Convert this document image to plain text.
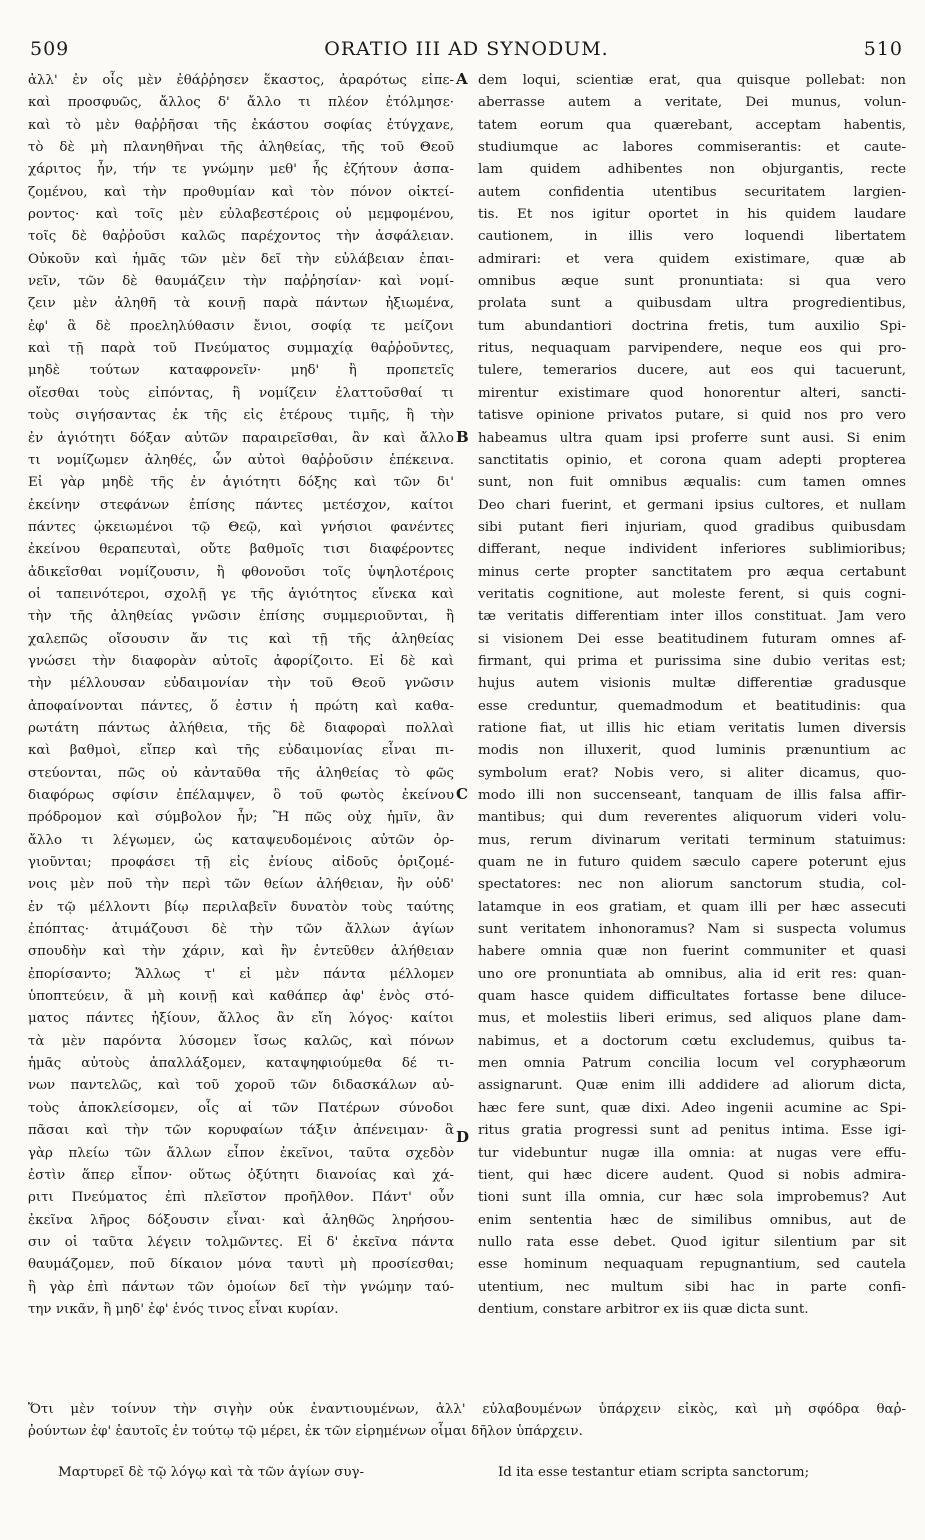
509	ORATIO III AD SYNODUM.	510
ἀλλ' ἐν οἷς μὲν ἐθάῤῥησεν ἕκαστος, ἀραρότως εἰπε-
καὶ προσφυῶς, ἄλλος δ' ἄλλο τι πλέον ἐτόλμησε·
καὶ τὸ μὲν θαῤῥῆσαι τῆς ἑκάστου σοφίας ἐτύγχανε,
τὸ δὲ μὴ πλανηθῆναι τῆς ἀληθείας, τῆς τοῦ Θεοῦ
χάριτος ἦν, τήν τε γνώμην μεθ' ἧς ἐζήτουν ἀσπα-
ζομένου, καὶ τὴν προθυμίαν καὶ τὸν πόνον οἰκτεί-
ροντος· καὶ τοῖς μὲν εὐλαβεστέροις οὐ μεμφομένου,
τοῖς δὲ θαῤῥοῦσι καλῶς παρέχοντος τὴν ἀσφάλειαν.
Οὐκοῦν καὶ ἡμᾶς τῶν μὲν δεῖ τὴν εὐλάβειαν ἐπαι-
νεῖν, τῶν δὲ θαυμάζειν τὴν παῤῥησίαν· καὶ νομί-
ζειν μὲν ἀληθῆ τὰ κοινῇ παρὰ πάντων ἠξιωμένα,
ἐφ' ἃ δὲ προεληλύθασιν ἔνιοι, σοφίᾳ τε μείζονι
καὶ τῇ παρὰ τοῦ Πνεύματος συμμαχίᾳ θαῤῥοῦντες,
μηδὲ τούτων καταφρονεῖν· μηδ' ἢ προπετεῖς
οἴεσθαι τοὺς εἰπόντας, ἢ νομίζειν ἐλαττοῦσθαί τι
τοὺς σιγήσαντας ἐκ τῆς εἰς ἑτέρους τιμῆς, ἢ τὴν
ἐν ἁγιότητι δόξαν αὐτῶν παραιρεῖσθαι, ἂν καὶ ἄλλο
τι νομίζωμεν ἀληθές, ὧν αὐτοὶ θαῤῥοῦσιν ἐπέκεινα.
Εἰ γὰρ μηδὲ τῆς ἐν ἁγιότητι δόξης καὶ τῶν δι'
ἐκείνην στεφάνων ἐπίσης πάντες μετέσχον, καίτοι
πάντες ᾠκειωμένοι τῷ Θεῷ, καὶ γνήσιοι φανέντες
ἐκείνου θεραπευταὶ, οὔτε βαθμοῖς τισι διαφέροντες
ἀδικεῖσθαι νομίζουσιν, ἢ φθονοῦσι τοῖς ὑψηλοτέροις
οἱ ταπεινότεροι, σχολῇ γε τῆς ἁγιότητος εἵνεκα καὶ
τὴν τῆς ἀληθείας γνῶσιν ἐπίσης συμμεριοῦνται, ἢ
χαλεπῶς οἴσουσιν ἄν τις καὶ τῇ τῆς ἀληθείας
γνώσει τὴν διαφορὰν αὐτοῖς ἀφορίζοιτο. Εἰ δὲ καὶ
τὴν μέλλουσαν εὐδαιμονίαν τὴν τοῦ Θεοῦ γνῶσιν
ἀποφαίνονται πάντες, ὅ ἐστιν ἡ πρώτη καὶ καθα-
ρωτάτη πάντως ἀλήθεια, τῆς δὲ διαφοραὶ πολλαὶ
καὶ βαθμοὶ, εἴπερ καὶ τῆς εὐδαιμονίας εἶναι πι-
στεύονται, πῶς οὐ κἀνταῦθα τῆς ἀληθείας τὸ φῶς
διαφόρως σφίσιν ἐπέλαμψεν, ὃ τοῦ φωτὸς ἐκείνου
πρόδρομον καὶ σύμβολον ἦν; Ἢ πῶς οὐχ ἡμῖν, ἂν
ἄλλο τι λέγωμεν, ὡς καταψευδομένοις αὐτῶν ὀρ-
γιοῦνται; προφάσει τῇ εἰς ἐνίους αἰδοῦς ὁριζομέ-
νοις μὲν ποῦ τὴν περὶ τῶν θείων ἀλήθειαν, ἣν οὐδ'
ἐν τῷ μέλλοντι βίῳ περιλαβεῖν δυνατὸν τοὺς ταύτης
ἐπόπτας· ἀτιμάζουσι δὲ τὴν τῶν ἄλλων ἁγίων
σπουδὴν καὶ τὴν χάριν, καὶ ἣν ἐντεῦθεν ἀλήθειαν
ἐπορίσαντο; Ἄλλως τ' εἰ μὲν πάντα μέλλομεν
ὑποπτεύειν, ἃ μὴ κοινῇ καὶ καθάπερ ἀφ' ἑνὸς στό-
ματος πάντες ἠξίουν, ἄλλος ἂν εἴη λόγος· καίτοι
τὰ μὲν παρόντα λύσομεν ἴσως καλῶς, καὶ πόνων
ἡμᾶς αὐτοὺς ἀπαλλάξομεν, καταψηφιούμεθα δέ τι-
νων παντελῶς, καὶ τοῦ χοροῦ τῶν διδασκάλων αὐ-
τοὺς ἀποκλείσομεν, οἷς αἱ τῶν Πατέρων σύνοδοι
πᾶσαι καὶ τὴν τῶν κορυφαίων τάξιν ἀπένειμαν· ἃ
γὰρ πλείω τῶν ἄλλων εἶπον ἐκεῖνοι, ταῦτα σχεδὸν
ἐστὶν ἅπερ εἶπον· οὕτως ὀξύτητι διανοίας καὶ χά-
ριτι Πνεύματος ἐπὶ πλεῖστον προῆλθον. Πάντ' οὖν
ἐκεῖνα λῆρος δόξουσιν εἶναι· καὶ ἀληθῶς ληρήσου-
σιν οἱ ταῦτα λέγειν τολμῶντες. Εἰ δ' ἐκεῖνα πάντα
θαυμάζομεν, ποῦ δίκαιον μόνα ταυτὶ μὴ προσίεσθαι;
ἢ γὰρ ἐπὶ πάντων τῶν ὁμοίων δεῖ τὴν γνώμην ταύ-
την νικᾶν, ἢ μηδ' ἐφ' ἑνός τινος εἶναι κυρίαν.
dem loqui, scientiæ erat, qua quisque pollebat: non
aberrasse autem a veritate, Dei munus, volun-
tatem eorum qua quærebant, acceptam habentis,
studiumque ac labores commiserantis: et caute-
lam quidem adhibentes non objurgantis, recte
autem confidentia utentibus securitatem largien-
tis. Et nos igitur oportet in his quidem laudare
cautionem, in illis vero loquendi libertatem
admirari: et vera quidem existimare, quæ ab
omnibus æque sunt pronuntiata: si qua vero
prolata sunt a quibusdam ultra progredientibus,
tum abundantiori doctrina fretis, tum auxilio Spi-
ritus, nequaquam parvipendere, neque eos qui pro-
tulere, temerarios ducere, aut eos qui tacuerunt,
mirentur existimare quod honorentur alteri, sancti-
tatisve opinione privatos putare, si quid nos pro vero
habeamus ultra quam ipsi proferre sunt ausi. Si enim
sanctitatis opinio, et corona quam adepti propterea
sunt, non fuit omnibus æqualis: cum tamen omnes
Deo chari fuerint, et germani ipsius cultores, et nullam
sibi putant fieri injuriam, quod gradibus quibusdam
differant, neque individent inferiores sublimioribus;
minus certe propter sanctitatem pro æqua certabunt
veritatis cognitione, aut moleste ferent, si quis cogni-
tæ veritatis differentiam inter illos constituat. Jam vero
si visionem Dei esse beatitudinem futuram omnes af-
firmant, qui prima et purissima sine dubio veritas est;
hujus autem visionis multæ differentiæ gradusque
esse creduntur, quemadmodum et beatitudinis: qua
ratione fiat, ut illis hic etiam veritatis lumen diversis
modis non illuxerit, quod luminis prænuntium ac
symbolum erat? Nobis vero, si aliter dicamus, quo-
modo illi non succenseant, tanquam de illis falsa affir-
mantibus; qui dum reverentes aliquorum videri volu-
mus, rerum divinarum veritati terminum statuimus:
quam ne in futuro quidem sæculo capere poterunt ejus
spectatores: nec non aliorum sanctorum studia, col-
latamque in eos gratiam, et quam illi per hæc assecuti
sunt veritatem inhonoramus? Nam si suspecta volumus
habere omnia quæ non fuerint communiter et quasi
uno ore pronuntiata ab omnibus, alia id erit res: quan-
quam hasce quidem difficultates fortasse bene diluce-
mus, et molestiis liberi erimus, sed aliquos plane dam-
nabimus, et a doctorum cœtu excludemus, quibus ta-
men omnia Patrum concilia locum vel coryphæorum
assignarunt. Quæ enim illi addidere ad aliorum dicta,
hæc fere sunt, quæ dixi. Adeo ingenii acumine ac Spi-
ritus gratia progressi sunt ad penitus intima. Esse igi-
tur videbuntur nugæ illa omnia: at nugas vere effu-
tient, qui hæc dicere audent. Quod si nobis admira-
tioni sunt illa omnia, cur hæc sola improbemus? Aut
enim sententia hæc de similibus omnibus, aut de
nullo rata esse debet. Quod igitur silentium par sit
esse hominum nequaquam repugnantium, sed cautela
utentium, nec multum sibi hac in parte confi-
dentium, constare arbitror ex iis quæ dicta sunt.
A
B
C
D
Ὅτι μὲν τοίνυν τὴν σιγὴν οὐκ ἐναντιουμένων, ἀλλ' εὐλαβουμένων ὑπάρχειν εἰκὸς, καὶ μὴ σφόδρα θαῤ-
ῥούντων ἐφ' ἑαυτοῖς ἐν τούτῳ τῷ μέρει, ἐκ τῶν εἰρημένων οἶμαι δῆλον ὑπάρχειν.
Μαρτυρεῖ δὲ τῷ λόγῳ καὶ τὰ τῶν ἁγίων συγ-	Id ita esse testantur etiam scripta sanctorum;
